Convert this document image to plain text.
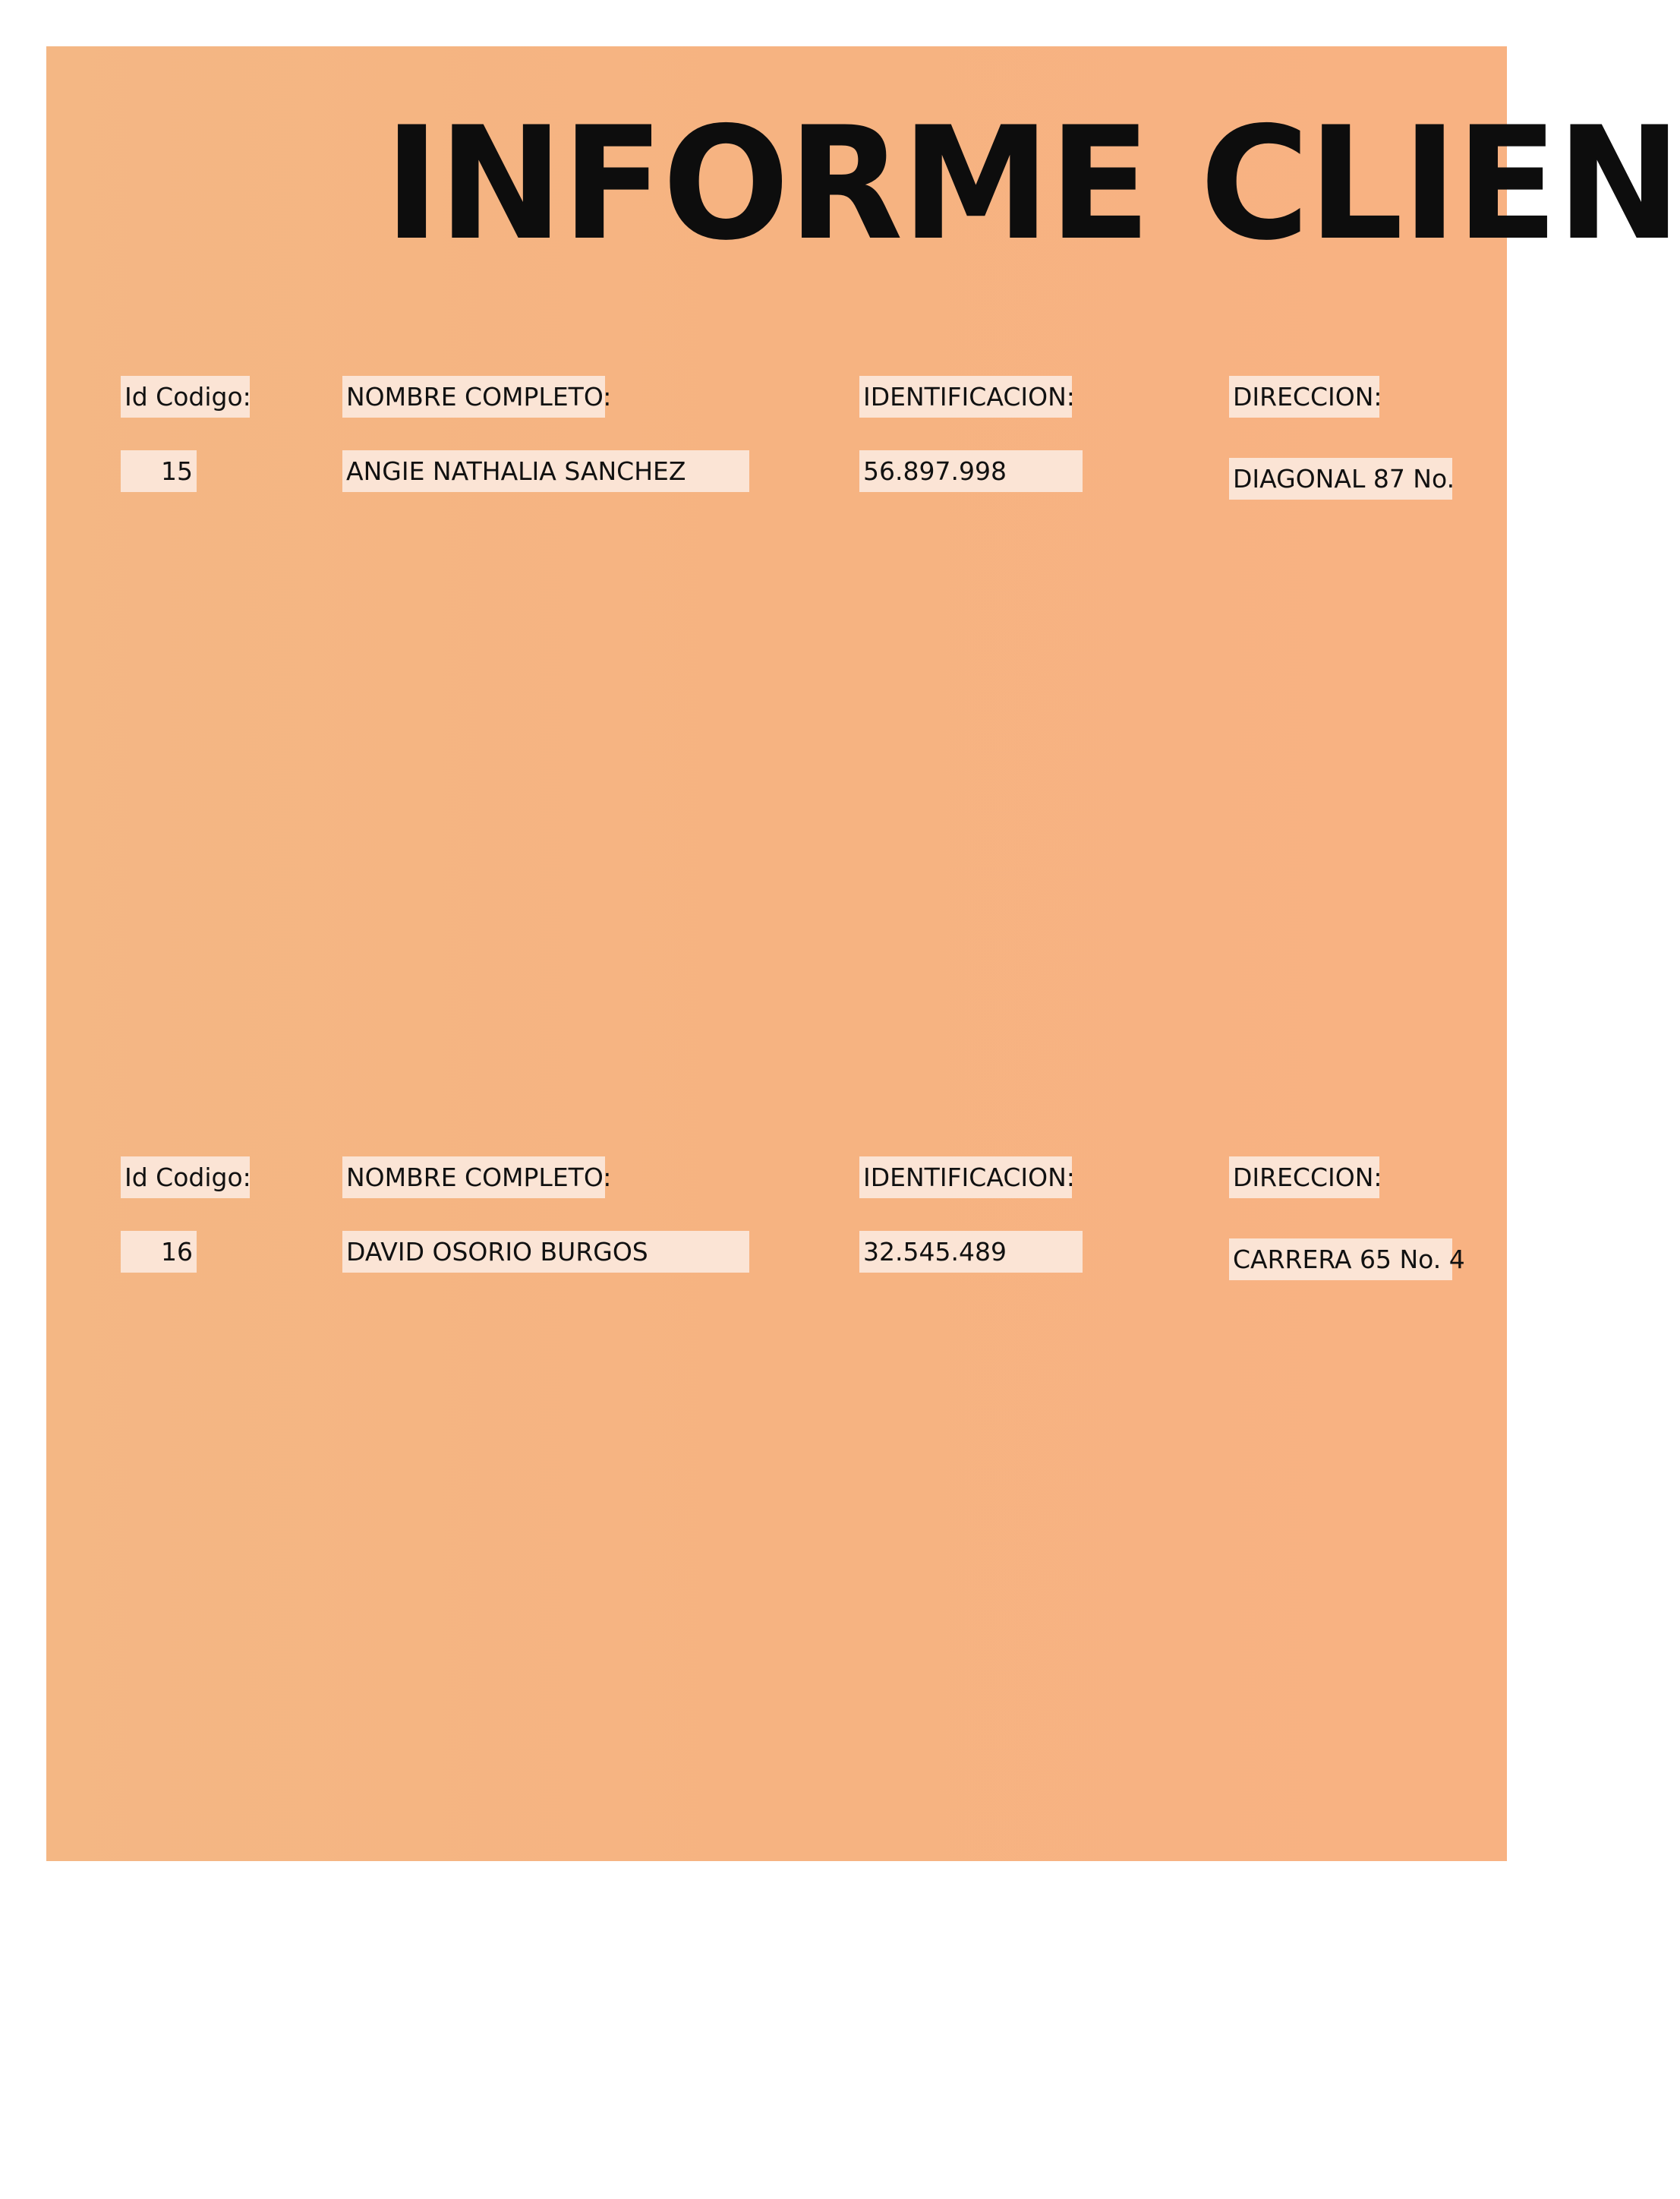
INFORME CLIEN
Id Codigo:	NOMBRE COMPLETO:	IDENTIFICACION:	DIRECCION:
15	ANGIE NATHALIA SANCHEZ	56.897.998	DIAGONAL 87 No.
Id Codigo:	NOMBRE COMPLETO:	IDENTIFICACION:	DIRECCION:
16	DAVID OSORIO BURGOS	32.545.489	CARRERA 65 No. 4
